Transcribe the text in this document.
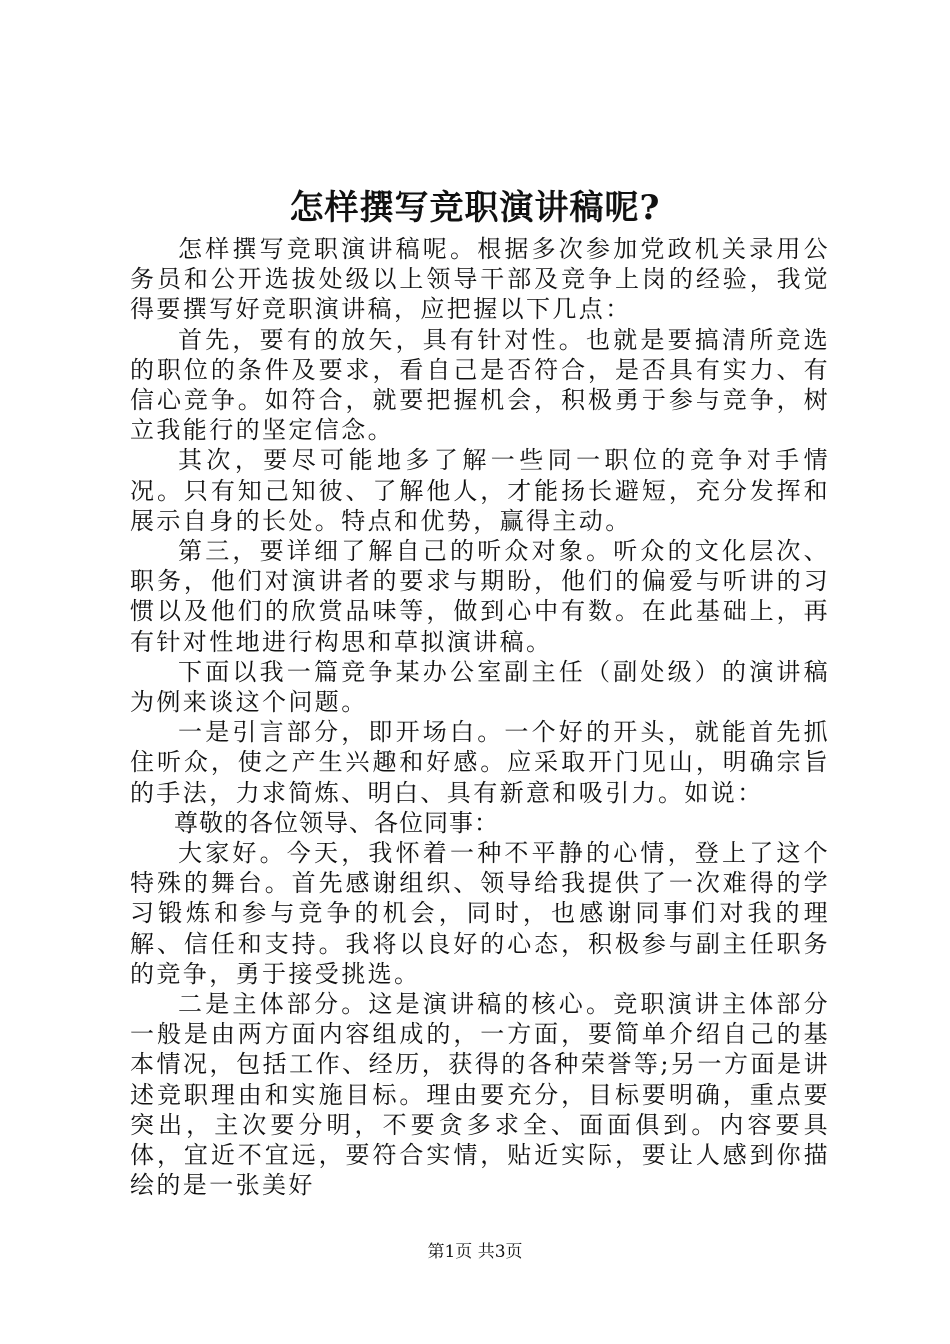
怎样撰写竞职演讲稿呢?

怎样撰写竞职演讲稿呢。根据多次参加党政机关录用公务员和公开选拔处级以上领导干部及竞争上岗的经验，我觉得要撰写好竞职演讲稿，应把握以下几点：

首先，要有的放矢，具有针对性。也就是要搞清所竞选的职位的条件及要求，看自己是否符合，是否具有实力、有信心竞争。如符合，就要把握机会，积极勇于参与竞争，树立我能行的坚定信念。

其次，要尽可能地多了解一些同一职位的竞争对手情况。只有知己知彼、了解他人，才能扬长避短，充分发挥和展示自身的长处。特点和优势，赢得主动。

第三，要详细了解自己的听众对象。听众的文化层次、职务，他们对演讲者的要求与期盼，他们的偏爱与听讲的习惯以及他们的欣赏品味等，做到心中有数。在此基础上，再有针对性地进行构思和草拟演讲稿。

下面以我一篇竞争某办公室副主任（副处级）的演讲稿为例来谈这个问题。

一是引言部分，即开场白。一个好的开头，就能首先抓住听众，使之产生兴趣和好感。应采取开门见山，明确宗旨的手法，力求简炼、明白、具有新意和吸引力。如说：

尊敬的各位领导、各位同事：

大家好。今天，我怀着一种不平静的心情，登上了这个特殊的舞台。首先感谢组织、领导给我提供了一次难得的学习锻炼和参与竞争的机会，同时，也感谢同事们对我的理解、信任和支持。我将以良好的心态，积极参与副主任职务的竞争，勇于接受挑选。

二是主体部分。这是演讲稿的核心。竞职演讲主体部分一般是由两方面内容组成的，一方面，要简单介绍自己的基本情况，包括工作、经历，获得的各种荣誉等;另一方面是讲述竞职理由和实施目标。理由要充分，目标要明确，重点要突出，主次要分明，不要贪多求全、面面俱到。内容要具体，宜近不宜远，要符合实情，贴近实际，要让人感到你描绘的是一张美好

第1页 共3页
